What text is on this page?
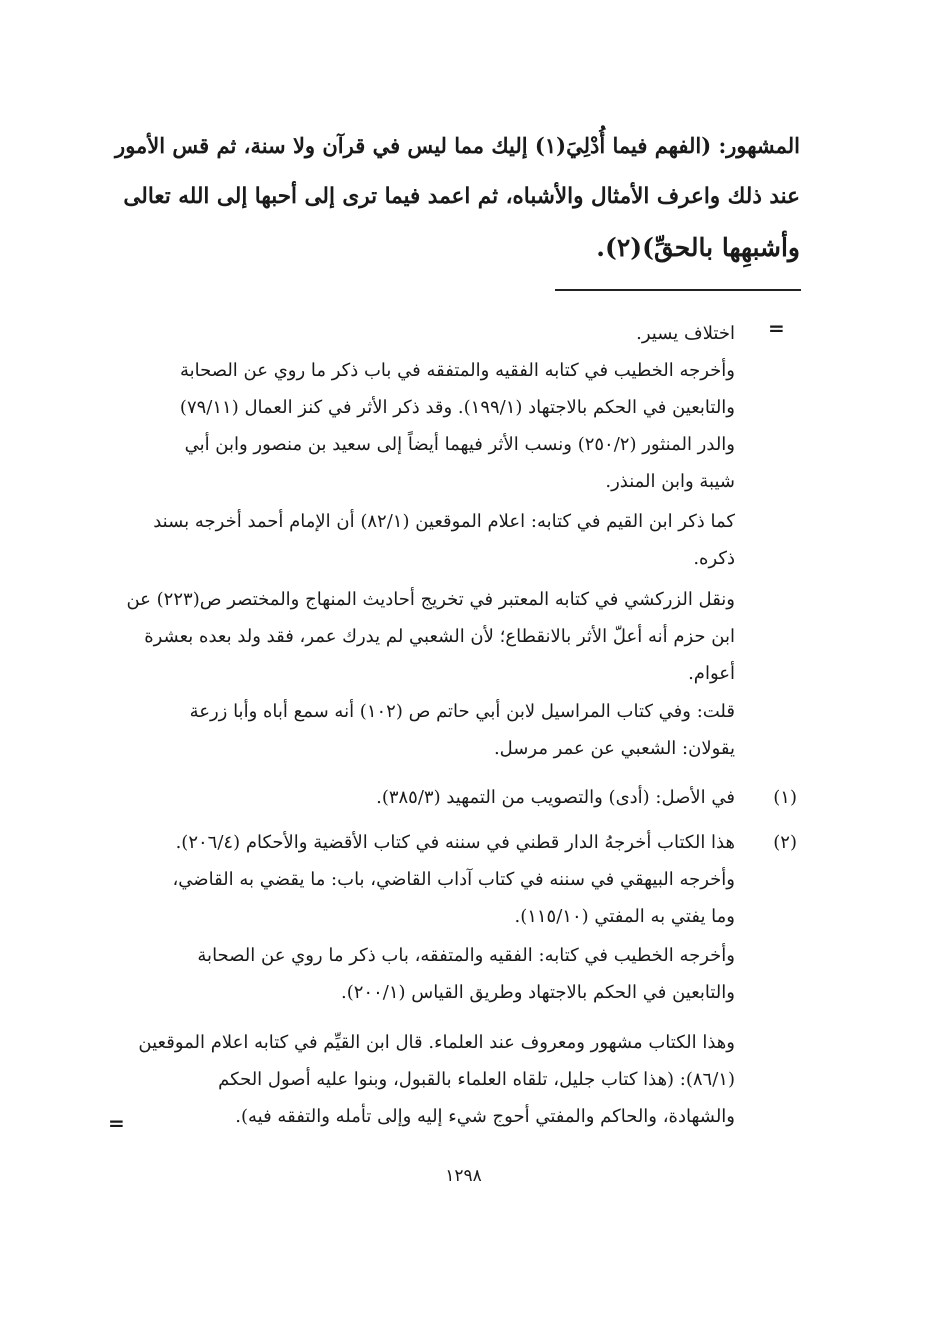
المشهور: (الفهم فيما أُدْلِيَ(١) إليك مما ليس في قرآن ولا سنة، ثم قس الأمور
عند ذلك واعرف الأمثال والأشباه، ثم اعمد فيما ترى إلى أحبها إلى الله تعالى
وأشبهِها بالحقِّ)(٢).
=
اختلاف يسير.
وأخرجه الخطيب في كتابه الفقيه والمتفقه في باب ذكر ما روي عن الصحابة
والتابعين في الحكم بالاجتهاد (١٩٩/١). وقد ذكر الأثر في كنز العمال (٧٩/١١)
والدر المنثور (٢٥٠/٢) ونسب الأثر فيهما أيضاً إلى سعيد بن منصور وابن أبي
شيبة وابن المنذر.
كما ذكر ابن القيم في كتابه: اعلام الموقعين (٨٢/١) أن الإمام أحمد أخرجه بسند
ذكره.
ونقل الزركشي في كتابه المعتبر في تخريج أحاديث المنهاج والمختصر ص(٢٢٣) عن
ابن حزم أنه أعلّ الأثر بالانقطاع؛ لأن الشعبي لم يدرك عمر، فقد ولد بعده بعشرة
أعوام.
قلت: وفي كتاب المراسيل لابن أبي حاتم ص (١٠٢) أنه سمع أباه وأبا زرعة
يقولان: الشعبي عن عمر مرسل.
(١)
في الأصل: (أدى) والتصويب من التمهيد (٣٨٥/٣).
(٢)
هذا الكتاب أخرجهُ الدار قطني في سننه في كتاب الأقضية والأحكام (٢٠٦/٤).
وأخرجه البيهقي في سننه في كتاب آداب القاضي، باب: ما يقضي به القاضي،
وما يفتي به المفتي (١١٥/١٠).
وأخرجه الخطيب في كتابه: الفقيه والمتفقه، باب ذكر ما روي عن الصحابة
والتابعين في الحكم بالاجتهاد وطريق القياس (٢٠٠/١).
وهذا الكتاب مشهور ومعروف عند العلماء. قال ابن القيِّم في كتابه اعلام الموقعين
(٨٦/١): (هذا كتاب جليل، تلقاه العلماء بالقبول، وبنوا عليه أصول الحكم
والشهادة، والحاكم والمفتي أحوج شيء إليه وإلى تأمله والتفقه فيه).
=
١٢٩٨
